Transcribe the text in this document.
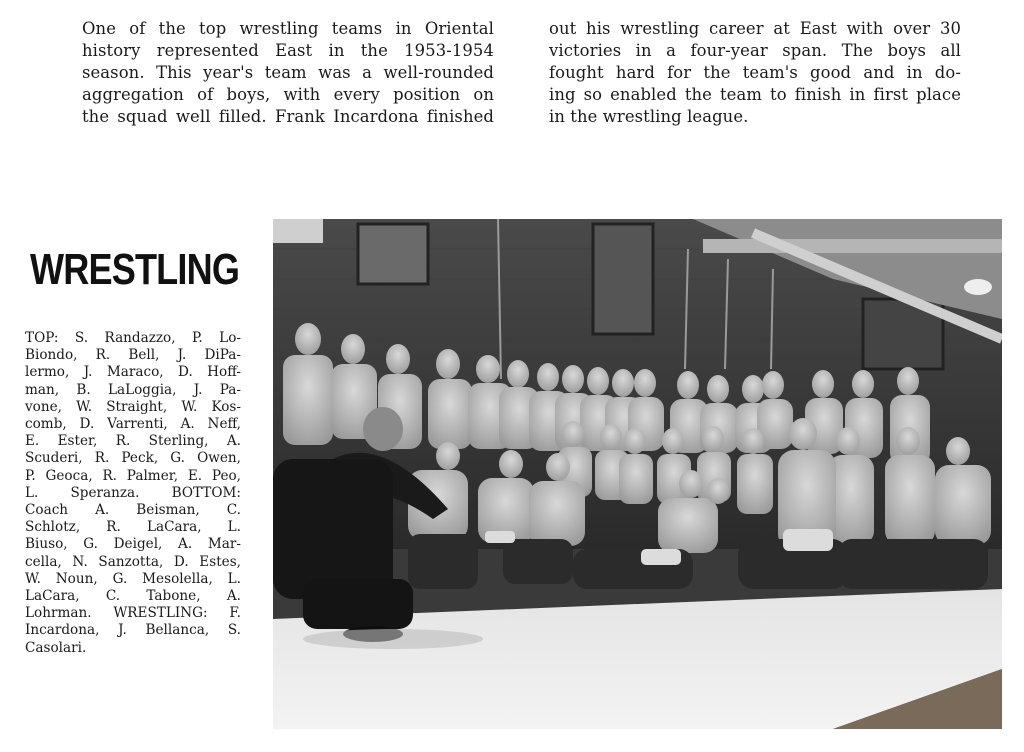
One of the top wrestling teams in Oriental
history represented East in the 1953-1954
season. This year's team was a well-rounded
aggregation of boys, with every position on
the squad well filled. Frank Incardona finished
out his wrestling career at East with over 30
victories in a four-year span. The boys all
fought hard for the team's good and in do-
ing so enabled the team to finish in first place
in the wrestling league.
WRESTLING
TOP: S. Randazzo, P. Lo-
Biondo, R. Bell, J. DiPa-
lermo, J. Maraco, D. Hoff-
man, B. LaLoggia, J. Pa-
vone, W. Straight, W. Kos-
comb, D. Varrenti, A. Neff,
E. Ester, R. Sterling, A.
Scuderi, R. Peck, G. Owen,
P. Geoca, R. Palmer, E. Peo,
L. Speranza. BOTTOM:
Coach A. Beisman, C.
Schlotz, R. LaCara, L.
Biuso, G. Deigel, A. Mar-
cella, N. Sanzotta, D. Estes,
W. Noun, G. Mesolella, L.
LaCara, C. Tabone, A.
Lohrman. WRESTLING: F.
Incardona, J. Bellanca, S.
Casolari.
